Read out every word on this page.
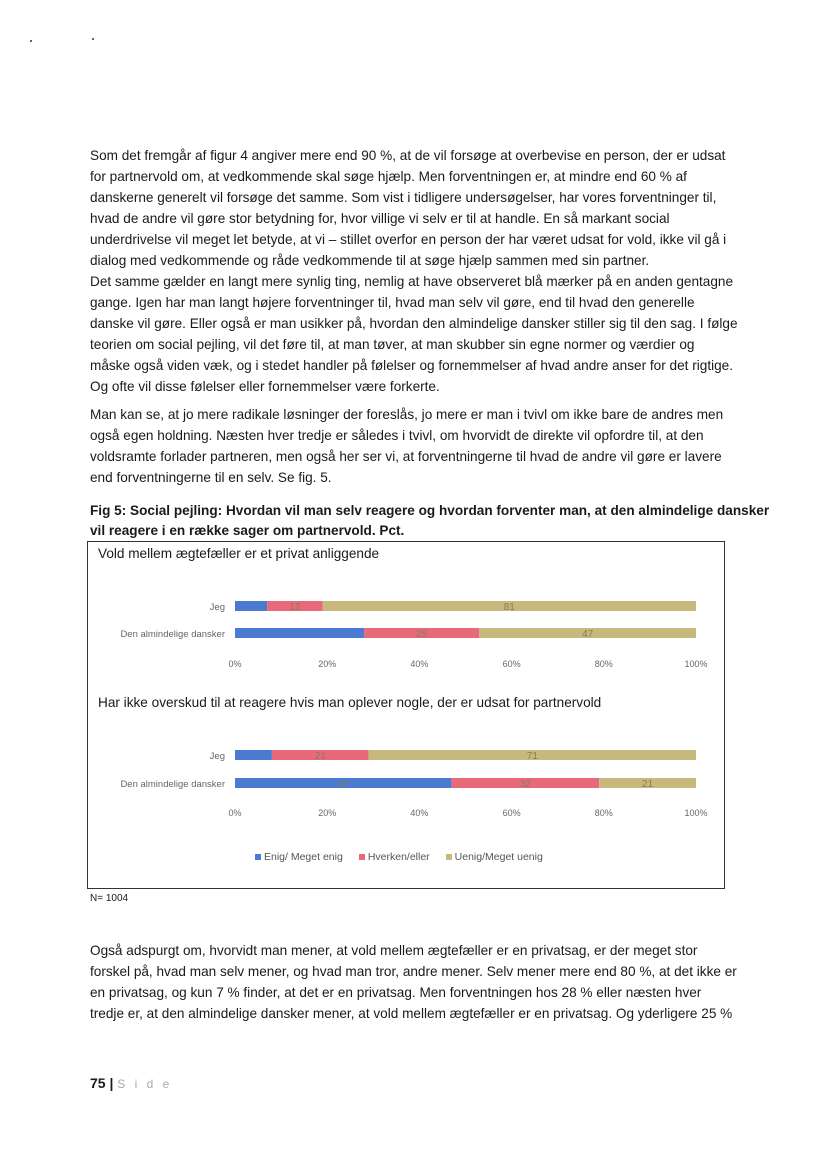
Som det fremgår af figur 4 angiver mere end 90 %, at de vil forsøge at overbevise en person, der er udsat
for partnervold om, at vedkommende skal søge hjælp. Men forventningen er, at mindre end 60 % af
danskerne generelt vil forsøge det samme. Som vist i tidligere undersøgelser, har vores forventninger til,
hvad de andre vil gøre stor betydning for, hvor villige vi selv er til at handle. En så markant social
underdrivelse vil meget let betyde, at vi – stillet overfor en person der har været udsat for vold, ikke vil gå i
dialog med vedkommende og råde vedkommende til at søge hjælp sammen med sin partner.
Det samme gælder en langt mere synlig ting, nemlig at have observeret blå mærker på en anden gentagne
gange. Igen har man langt højere forventninger til, hvad man selv vil gøre, end til hvad den generelle
danske vil gøre. Eller også er man usikker på, hvordan den almindelige dansker stiller sig til den sag. I følge
teorien om social pejling, vil det føre til, at man tøver, at man skubber sin egne normer og værdier og
måske også viden væk, og i stedet handler på følelser og fornemmelser af hvad andre anser for det rigtige.
Og ofte vil disse følelser eller fornemmelser være forkerte.
Man kan se, at jo mere radikale løsninger der foreslås, jo mere er man i tvivl om ikke bare de andres men
også egen holdning. Næsten hver tredje er således i tvivl, om hvorvidt de direkte vil opfordre til, at den
voldsramte forlader partneren, men også her ser vi, at forventningerne til hvad de andre vil gøre er lavere
end forventningerne til en selv. Se fig. 5.
Fig 5: Social pejling: Hvordan vil man selv reagere og hvordan forventer man, at den almindelige dansker
vil reagere i en række sager om partnervold. Pct.
Vold mellem ægtefæller er et privat anliggende
Har ikke overskud til at reagere hvis man oplever nogle, der er udsat for partnervold
Jeg	12	81
Den almindelige dansker	25	47
0%	20%	40%	60%	80%	100%
Jeg	21	71
Den almindelige dansker	47	32	21
0%	20%	40%	60%	80%	100%
Enig/ Meget enig Hverken/eller Uenig/Meget uenig
N= 1004
Også adspurgt om, hvorvidt man mener, at vold mellem ægtefæller er en privatsag, er der meget stor
forskel på, hvad man selv mener, og hvad man tror, andre mener. Selv mener mere end 80 %, at det ikke er
en privatsag, og kun 7 % finder, at det er en privatsag. Men forventningen hos 28 % eller næsten hver
tredje er, at den almindelige dansker mener, at vold mellem ægtefæller er en privatsag. Og yderligere 25 %
75 | S i d e
